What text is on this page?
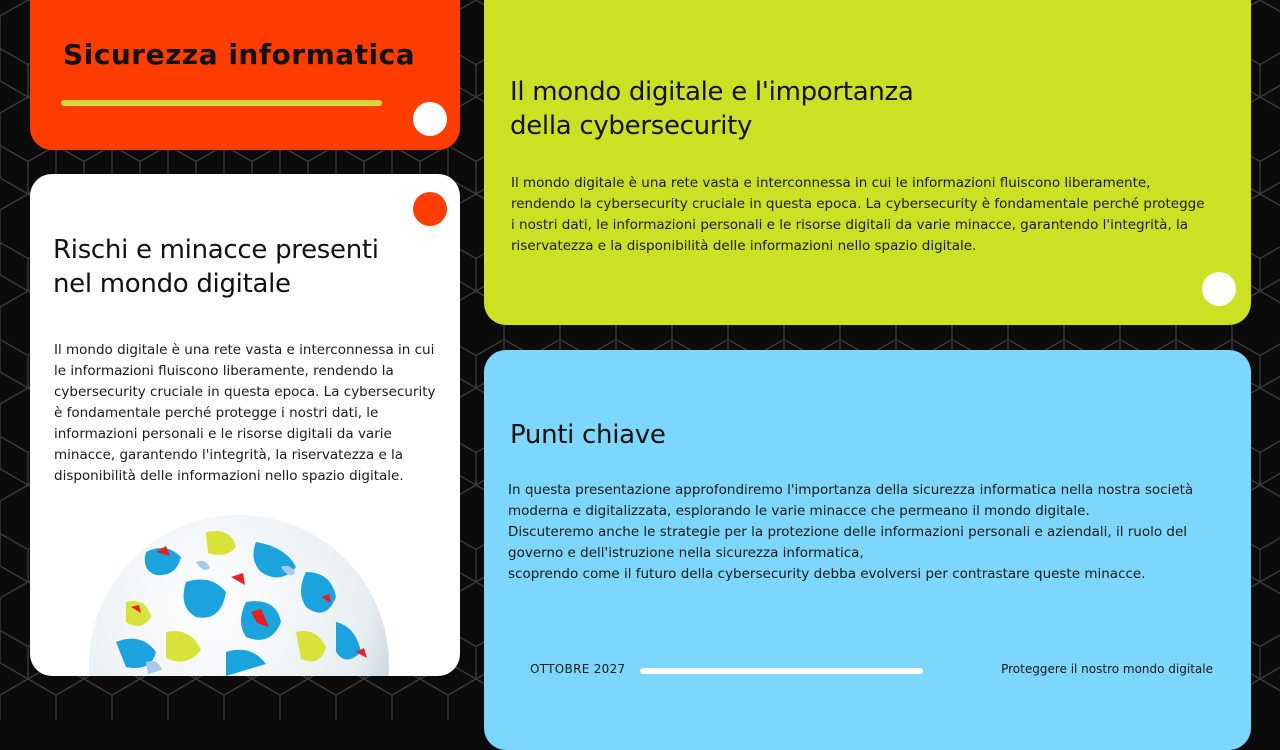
Sicurezza informatica
Rischi e minacce presenti
nel mondo digitale

Il mondo digitale è una rete vasta e interconnessa in cui le informazioni fluiscono liberamente, rendendo la cybersecurity cruciale in questa epoca. La cybersecurity è fondamentale perché protegge i nostri dati, le informazioni personali e le risorse digitali da varie minacce, garantendo l'integrità, la riservatezza e la disponibilità delle informazioni nello spazio digitale.

Il mondo digitale e l'importanza
della cybersecurity

Il mondo digitale è una rete vasta e interconnessa in cui le informazioni fluiscono liberamente, rendendo la cybersecurity cruciale in questa epoca. La cybersecurity è fondamentale perché protegge i nostri dati, le informazioni personali e le risorse digitali da varie minacce, garantendo l'integrità, la riservatezza e la disponibilità delle informazioni nello spazio digitale.

Punti chiave

In questa presentazione approfondiremo l'importanza della sicurezza informatica nella nostra società moderna e digitalizzata, esplorando le varie minacce che permeano il mondo digitale.

Discuteremo anche le strategie per la protezione delle informazioni personali e aziendali, il ruolo del governo e dell'istruzione nella sicurezza informatica,

scoprendo come il futuro della cybersecurity debba evolversi per contrastare queste minacce.

OTTOBRE 2027	Proteggere il nostro mondo digitale
